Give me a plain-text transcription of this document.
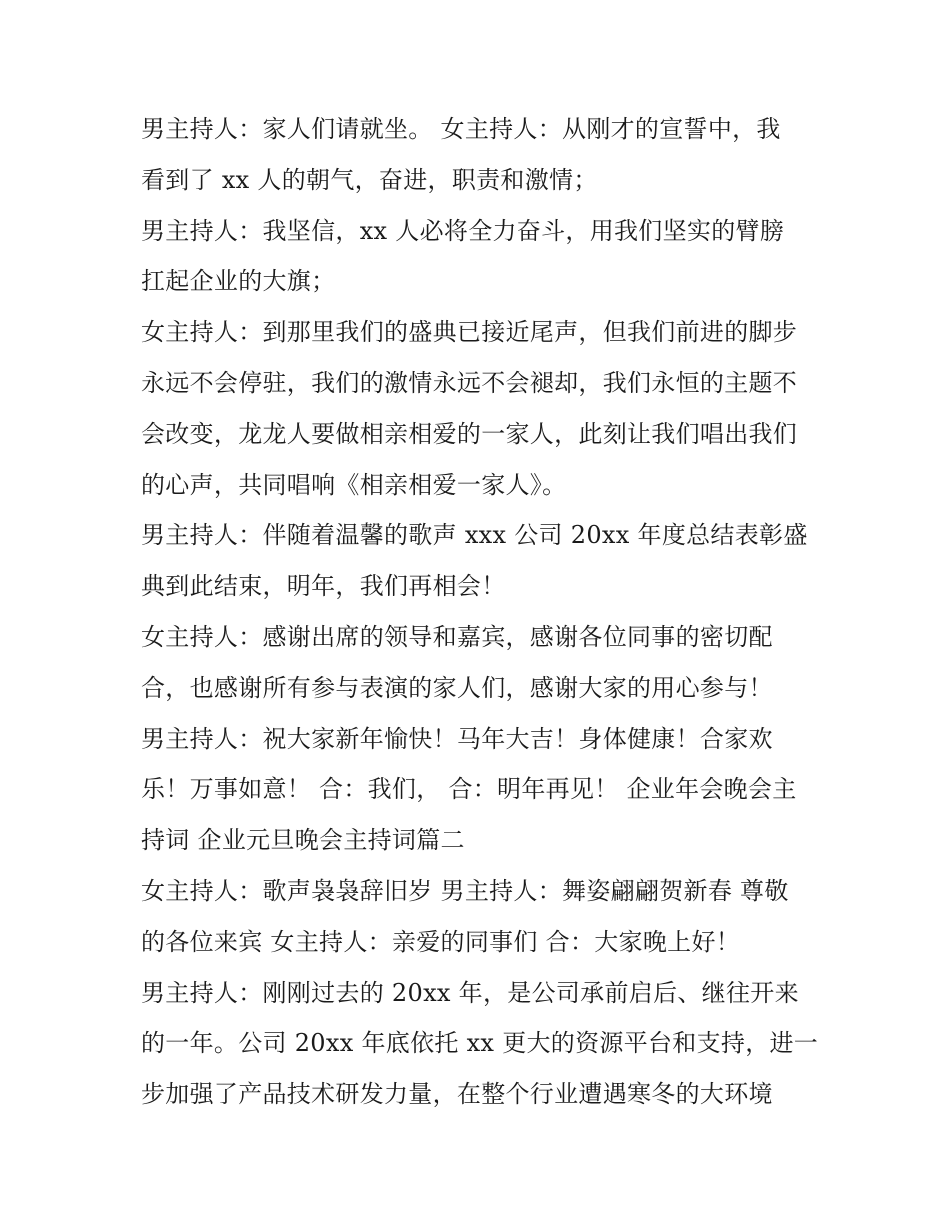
男主持人：家人们请就坐。 女主持人：从刚才的宣誓中，我
看到了 xx 人的朝气，奋进，职责和激情；
男主持人：我坚信，xx 人必将全力奋斗，用我们坚实的臂膀
扛起企业的大旗；
女主持人：到那里我们的盛典已接近尾声，但我们前进的脚步
永远不会停驻，我们的激情永远不会褪却，我们永恒的主题不
会改变，龙龙人要做相亲相爱的一家人，此刻让我们唱出我们
的心声，共同唱响《相亲相爱一家人》。
男主持人：伴随着温馨的歌声 xxx 公司 20xx 年度总结表彰盛
典到此结束，明年，我们再相会！
女主持人：感谢出席的领导和嘉宾，感谢各位同事的密切配
合，也感谢所有参与表演的家人们，感谢大家的用心参与！
男主持人：祝大家新年愉快！马年大吉！身体健康！合家欢
乐！万事如意！ 合：我们， 合：明年再见！ 企业年会晚会主
持词 企业元旦晚会主持词篇二
女主持人：歌声袅袅辞旧岁 男主持人：舞姿翩翩贺新春 尊敬
的各位来宾 女主持人：亲爱的同事们 合：大家晚上好！
男主持人：刚刚过去的 20xx 年，是公司承前启后、继往开来
的一年。公司 20xx 年底依托 xx 更大的资源平台和支持，进一
步加强了产品技术研发力量，在整个行业遭遇寒冬的大环境
